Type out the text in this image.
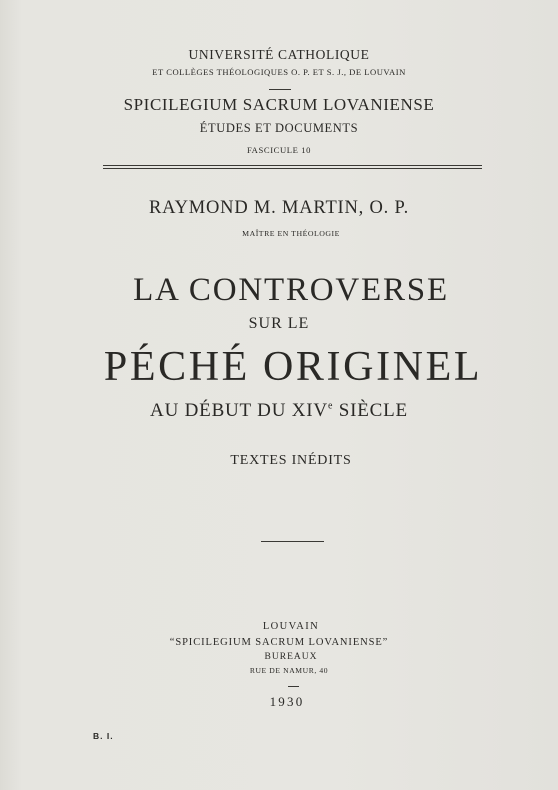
UNIVERSITÉ CATHOLIQUE
ET COLLÈGES THÉOLOGIQUES O. P. ET S. J., DE LOUVAIN
SPICILEGIUM SACRUM LOVANIENSE
ÉTUDES ET DOCUMENTS
FASCICULE 10
RAYMOND M. MARTIN, O. P.
MAÎTRE EN THÉOLOGIE
LA CONTROVERSE
SUR LE
PÉCHÉ ORIGINEL
AU DÉBUT DU XIVe SIÈCLE
TEXTES INÉDITS
LOUVAIN
“SPICILEGIUM SACRUM LOVANIENSE”
BUREAUX
RUE DE NAMUR, 40
1930
B. I.
